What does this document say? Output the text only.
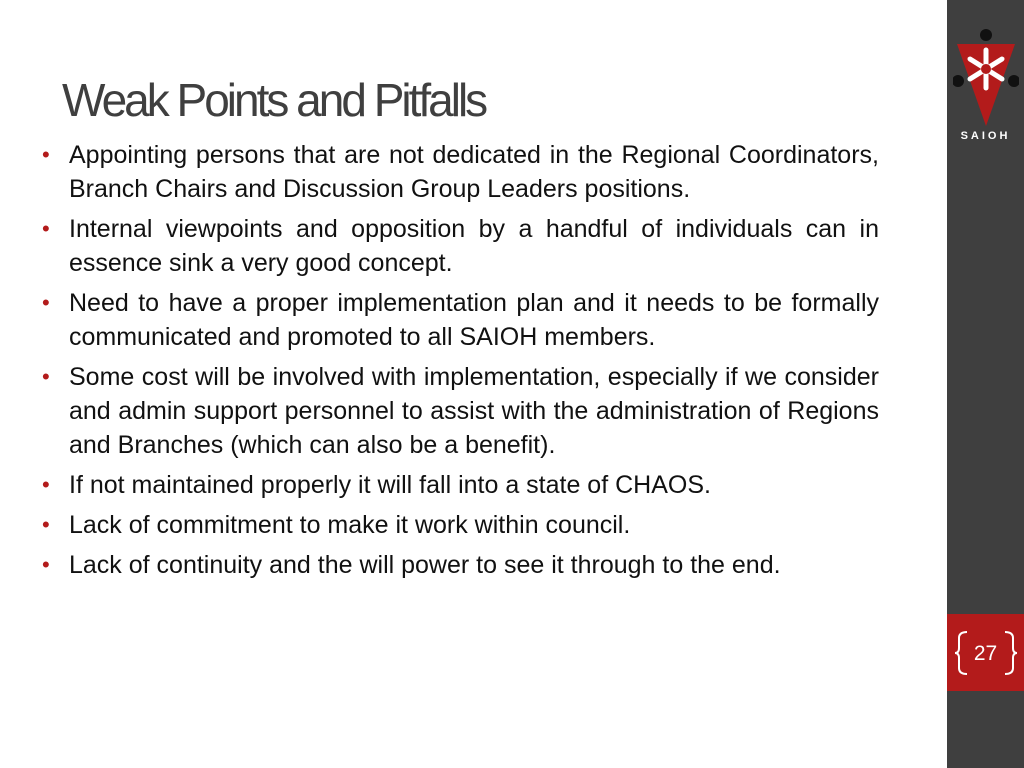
Weak Points and Pitfalls
• Appointing persons that are not dedicated in the Regional Coordinators, Branch Chairs and Discussion Group Leaders positions.
• Internal viewpoints and opposition by a handful of individuals can in essence sink a very good concept.
• Need to have a proper implementation plan and it needs to be formally communicated and promoted to all SAIOH members.
• Some cost will be involved with implementation, especially if we consider and admin support personnel to assist with the administration of Regions and Branches (which can also be a benefit).
• If not maintained properly it will fall into a state of CHAOS.
• Lack of commitment to make it work within council.
• Lack of continuity and the will power to see it through to the end.
SAIOH
27
